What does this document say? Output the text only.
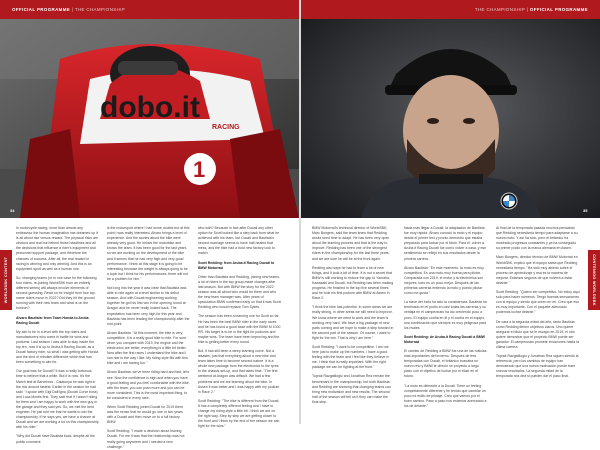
OFFICIAL PROGRAMME | THE CHAMPIONSHIP	THE CHAMPIONSHIP | OFFICIAL PROGRAMME
dobo.it
RACING
1
34	35
WORLDSBK CONTENT	CONTENIDO WORLDSBK

In motorcycle racing, more than almost any endeavour the human imagination has dreamed up it is all about rise versus reward. The physical risks are obvious and real but behind those headlines and all the decisions that influence a rider's equipment and personnel support package, and therefore the chances of success. After all, the real reward in racing is winning and only winning. And this is an equipment sport as well as a human one.

So, changing teams (or in one case for the following four riders, re-joining WorldSBK from an entirely different series) will always involve elements of second-guessing. Read on for insight from four top-name riders move in 2022? Did they hit the ground running with their new team and what is on the horizon?

Alvaro Bautista: from Team Honda to Aruba Racing Ducati

My aim to be in a level with the top riders and manufacturers who come in battle for wins and podiums. Last season I was able to stay inside the top ten, now it is up to Aruba.it Racing Ducati, as a Ducati factory rider, so what I was getting with Honda and the kind of mindset difference which that has been something to aim for.

Our goal was for Ducati? It was a really torturous time to believe that a while. But it is now. It's the March test at Barcelona - Catalunya he was right in the mix around fastest. Earlier in the season he had said: "I spoke with Gigi Dall'Igna (Ducati Corse boss) and Luca Montis first. They said that if I wasn't riding for them and I am happy to work with the new guy in the garage and they said yes. So, we met the best engineer. He just told me that he wants to win the championship. If he says yes, we have a chance at Ducati and we are working a lot on this championship with his rider."

"Why did Ducati have Bautista back, despite all the public comment

is the motorsport where I had some doubts but at this point I was really interested. Alvaro brings a level of experience. And the stories about the bike were already very good. He knows the motorbike and knows the team. It has been good for the last years so we are working on the development of the bike and it seems that he has very high and very good performance. I think at this stage it is going to be interesting because the weight is always going to be a topic but I think for his performances, there will not be a problem for him."

Not long into the year it was clear that Bautista was able to ride again at a level similar to his debut season. And with Ducati engineering working together he got his first win in the opening round at Aragon and he never really looked back. The expectation has been very high for this year and Bautista has been leading the championship after the mid-point.

Alvaro Bautista: "At this moment, the bike is very competitive. It is a really good bike to ride. For sure when you compare with 2019, the engine and the electronics are better, everything is a little bit better. Now after the first races I understand the bike and I can ride in the way I like. My riding style fits with this bike and I am having fun."

Alvaro Bautista: we've been riding hard and fast, let's see. Now the confidence is high and when you have a good feeling and you feel comfortable with the bike, with the team, you can push more and you can be more consistent. This is the most important thing, to be consistent in every race.

When Scott Redding joined Ducati for 2019 there was the sense that he would go one or two years with a Ducati and then move on to a full factory BMW.

Scott Redding: "I made a decision about leaving Ducati. For me it was that the relationship was not really going anywhere and I needed a new challenge."

who with? Because in fact after Ducati any other option for Scott looked like a step back from what he achieved with his team, but Ducati and Bautista's second marriage seems to have half-healed that mess, and the bike had a bold new factory look to match.

Scott Redding: from Aruba.it Racing Ducati to BMW Motorrad

Other than Bautista and Redding, joining new teams, a lot of riders in the top group made changes after last season. But with BMW the story for the 2022 season was all about who would be there and who the new team manager was. After years of speculation BMW confirmed early on that it was Scott Redding who would replace Tom Sykes.

The season has been a learning one for Scott so far. He has been the best BMW rider in the early races and he has found a good base with the BMW M 1000 RR. His target is to be in the fight for podiums and maybe wins. The team have been improving and the bike is getting better every round.

But, it has still been a steep learning curve. Not a disaster, just that everything about a new bike and team takes time to become second nature. It is a whole new package from the electronics to the tyres to the chassis set-up, and that takes time. "The first weekend at Aragon was difficult. We had a few problems and we are learning about the bike. In Assen it was better and I was happy with my podium in Race 2."

Scott Redding: "The bike is different from the Ducati. It has a completely different feeling and I have to change my riding style a little bit. I think we are on the right way. Step by step we are getting closer to the front and I think by the end of the season we can fight for the wins."

BMW Motorrad's technical director of WorldSBK, Marc Bongers, said the team knew that Redding would need time to adapt. He has been very open about the learning process and that is the way to improve. Redding has been one of the strongest riders in the championship for the last three years and we are sure he will be at the front again.

Redding also says he had to learn a lot of new things, and it took a bit of time. It is not a secret that BMW is still working to reduce the gap to Yamaha, Kawasaki and Ducati, but Redding has been making progress. He finished in the top five several times and he took his first podium with BMW at Assen in Race 2.

"I think the bike has potential. In some areas we are really strong, in other areas we still need to improve. We know where we need to work and the team is working very hard. We have a big package of new parts coming and we hope to make a step forward in the second part of the season. Of course, I want to fight for the win. That is why I am here."

Scott Redding: "I want to be competitive. I am not here just to make up the numbers. I have a good feeling with the team and I feel like they believe in me. I think that is really important. With the right package we can be fighting at the front."

Toprak Razgatlioglu and Jonathan Rea remain the benchmark in the championship, but both Bautista and Redding are showing that changing teams can bring new motivation and new results. The second half of the season will tell us if they can make the final step.

Nada más llegar a Ducati, la adaptación de Bautista fue muy rápida. Álvaro conoció la moto y el equipo desde el primer test y pronto demostró que estaba preparado para luchar por el título. Para él, volver a Aruba.it Racing Ducati fue como volver a casa, y ese sentimiento se reflejó en sus resultados desde la primera carrera.

Álvaro Bautista: "En este momento, la moto es muy competitiva. Es una moto muy buena para pilotar. Comparada con 2019, el motor y la electrónica son mejores, todo es un poco mejor. Después de las primeras carreras entiendo la moto y puedo pilotar como me gusta."

La clave del éxito ha sido la consistencia. Bautista ha terminado en el podio en casi todas las carreras y su ventaja en el campeonato ha ido creciendo poco a poco. El equipo confía en él y él confía en el equipo, una combinación que siempre es muy peligrosa para los rivales.

Scott Redding: de Aruba.it Racing Ducati a BMW Motorrad

El cambio de Redding a BMW fue una de las noticias más importantes del invierno. Después de tres temporadas con Ducati, el británico buscaba un nuevo reto y BMW le ofreció un proyecto a largo plazo con el objetivo de luchar por el título en el futuro.

"La moto es diferente a la Ducati. Tiene un feeling completamente diferente y he tenido que cambiar un poco mi estilo de pilotaje. Creo que vamos por el buen camino. Paso a paso nos estamos acercando a los de delante."

Al final de la temporada pasada muchos pensaban que Redding necesitaría tiempo para adaptarse a su nueva moto. Y así ha sido, pero el británico ha mostrado progresos constantes y ya ha conseguido su primer podio con la marca alemana en Assen.

Marc Bongers, director técnico de BMW Motorrad en WorldSBK, explicó que el equipo sabía que Redding necesitaría tiempo. "Ha sido muy abierto sobre el proceso de aprendizaje y esa es la manera de mejorar. Estamos seguros de que volverá a estar delante."

Scott Redding: "Quiero ser competitivo. No estoy aquí solo para hacer números. Tengo buenas sensaciones con el equipo y siento que creen en mí. Creo que eso es muy importante. Con el paquete adecuado podemos luchar delante."

De cara a la segunda mitad del año, tanto Bautista como Redding tienen objetivos claros. Uno quiere asegurar el título que se le escapó en 2019, el otro quiere demostrar que el proyecto BMW puede ser ganador. El campeonato promete emociones hasta la última carrera.

Toprak Razgatlioglu y Jonathan Rea siguen siendo la referencia, pero los cambios de equipo han demostrado que una nueva motivación puede traer nuevos resultados. La segunda mitad de la temporada nos dirá si pueden dar el paso final.
